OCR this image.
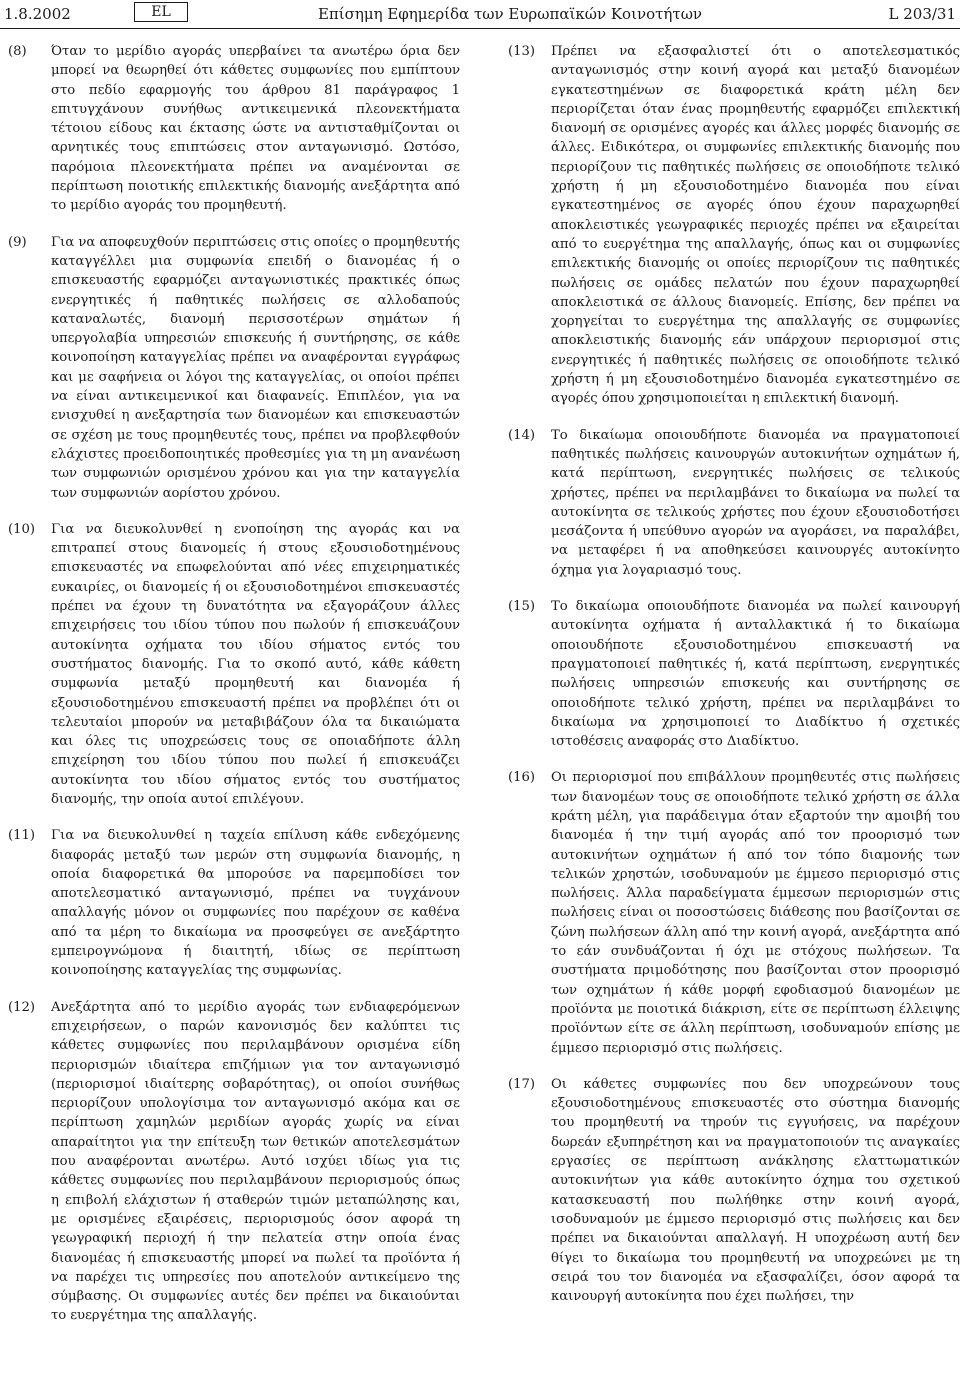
1.8.2002	EL	Επίσημη Εφημερίδα των Ευρωπαϊκών Κοινοτήτων	L 203/31
(8) Όταν το μερίδιο αγοράς υπερβαίνει τα ανωτέρω όρια δεν μπορεί να θεωρηθεί ότι κάθετες συμφωνίες που εμπίπτουν στο πεδίο εφαρμογής του άρθρου 81 παράγραφος 1 επιτυγχάνουν συνήθως αντικειμενικά πλεονεκτήματα τέτοιου είδους και έκτασης ώστε να αντισταθμίζονται οι αρνητικές τους επιπτώσεις στον ανταγωνισμό. Ωστόσο, παρόμοια πλεονεκτήματα πρέπει να αναμένονται σε περίπτωση ποιοτικής επιλεκτικής διανομής ανεξάρτητα από το μερίδιο αγοράς του προμηθευτή.
(9) Για να αποφευχθούν περιπτώσεις στις οποίες ο προμηθευτής καταγγέλλει μια συμφωνία επειδή ο διανομέας ή ο επισκευαστής εφαρμόζει ανταγωνιστικές πρακτικές όπως ενεργητικές ή παθητικές πωλήσεις σε αλλοδαπούς καταναλωτές, διανομή περισσοτέρων σημάτων ή υπεργολαβία υπηρεσιών επισκευής ή συντήρησης, σε κάθε κοινοποίηση καταγγελίας πρέπει να αναφέρονται εγγράφως και με σαφήνεια οι λόγοι της καταγγελίας, οι οποίοι πρέπει να είναι αντικειμενικοί και διαφανείς. Επιπλέον, για να ενισχυθεί η ανεξαρτησία των διανομέων και επισκευαστών σε σχέση με τους προμηθευτές τους, πρέπει να προβλεφθούν ελάχιστες προειδοποιητικές προθεσμίες για τη μη ανανέωση των συμφωνιών ορισμένου χρόνου και για την καταγγελία των συμφωνιών αορίστου χρόνου.
(10) Για να διευκολυνθεί η ενοποίηση της αγοράς και να επιτραπεί στους διανομείς ή στους εξουσιοδοτημένους επισκευαστές να επωφελούνται από νέες επιχειρηματικές ευκαιρίες, οι διανομείς ή οι εξουσιοδοτημένοι επισκευαστές πρέπει να έχουν τη δυνατότητα να εξαγοράζουν άλλες επιχειρήσεις του ιδίου τύπου που πωλούν ή επισκευάζουν αυτοκίνητα οχήματα του ιδίου σήματος εντός του συστήματος διανομής. Για το σκοπό αυτό, κάθε κάθετη συμφωνία μεταξύ προμηθευτή και διανομέα ή εξουσιοδοτημένου επισκευαστή πρέπει να προβλέπει ότι οι τελευταίοι μπορούν να μεταβιβάζουν όλα τα δικαιώματα και όλες τις υποχρεώσεις τους σε οποιαδήποτε άλλη επιχείρηση του ιδίου τύπου που πωλεί ή επισκευάζει αυτοκίνητα του ιδίου σήματος εντός του συστήματος διανομής, την οποία αυτοί επιλέγουν.
(11) Για να διευκολυνθεί η ταχεία επίλυση κάθε ενδεχόμενης διαφοράς μεταξύ των μερών στη συμφωνία διανομής, η οποία διαφορετικά θα μπορούσε να παρεμποδίσει τον αποτελεσματικό ανταγωνισμό, πρέπει να τυγχάνουν απαλλαγής μόνον οι συμφωνίες που παρέχουν σε καθένα από τα μέρη το δικαίωμα να προσφεύγει σε ανεξάρτητο εμπειρογνώμονα ή διαιτητή, ιδίως σε περίπτωση κοινοποίησης καταγγελίας της συμφωνίας.
(12) Ανεξάρτητα από το μερίδιο αγοράς των ενδιαφερόμενων επιχειρήσεων, ο παρών κανονισμός δεν καλύπτει τις κάθετες συμφωνίες που περιλαμβάνουν ορισμένα είδη περιορισμών ιδιαίτερα επιζήμιων για τον ανταγωνισμό (περιορισμοί ιδιαίτερης σοβαρότητας), οι οποίοι συνήθως περιορίζουν υπολογίσιμα τον ανταγωνισμό ακόμα και σε περίπτωση χαμηλών μεριδίων αγοράς χωρίς να είναι απαραίτητοι για την επίτευξη των θετικών αποτελεσμάτων που αναφέρονται ανωτέρω. Αυτό ισχύει ιδίως για τις κάθετες συμφωνίες που περιλαμβάνουν περιορισμούς όπως η επιβολή ελάχιστων ή σταθερών τιμών μεταπώλησης και, με ορισμένες εξαιρέσεις, περιορισμούς όσον αφορά τη γεωγραφική περιοχή ή την πελατεία στην οποία ένας διανομέας ή επισκευαστής μπορεί να πωλεί τα προϊόντα ή να παρέχει τις υπηρεσίες που αποτελούν αντικείμενο της σύμβασης. Οι συμφωνίες αυτές δεν πρέπει να δικαιούνται το ευεργέτημα της απαλλαγής.
(13) Πρέπει να εξασφαλιστεί ότι ο αποτελεσματικός ανταγωνισμός στην κοινή αγορά και μεταξύ διανομέων εγκατεστημένων σε διαφορετικά κράτη μέλη δεν περιορίζεται όταν ένας προμηθευτής εφαρμόζει επιλεκτική διανομή σε ορισμένες αγορές και άλλες μορφές διανομής σε άλλες. Ειδικότερα, οι συμφωνίες επιλεκτικής διανομής που περιορίζουν τις παθητικές πωλήσεις σε οποιοδήποτε τελικό χρήστη ή μη εξουσιοδοτημένο διανομέα που είναι εγκατεστημένος σε αγορές όπου έχουν παραχωρηθεί αποκλειστικές γεωγραφικές περιοχές πρέπει να εξαιρείται από το ευεργέτημα της απαλλαγής, όπως και οι συμφωνίες επιλεκτικής διανομής οι οποίες περιορίζουν τις παθητικές πωλήσεις σε ομάδες πελατών που έχουν παραχωρηθεί αποκλειστικά σε άλλους διανομείς. Επίσης, δεν πρέπει να χορηγείται το ευεργέτημα της απαλλαγής σε συμφωνίες αποκλειστικής διανομής εάν υπάρχουν περιορισμοί στις ενεργητικές ή παθητικές πωλήσεις σε οποιοδήποτε τελικό χρήστη ή μη εξουσιοδοτημένο διανομέα εγκατεστημένο σε αγορές όπου χρησιμοποιείται η επιλεκτική διανομή.
(14) Το δικαίωμα οποιουδήποτε διανομέα να πραγματοποιεί παθητικές πωλήσεις καινουργών αυτοκινήτων οχημάτων ή, κατά περίπτωση, ενεργητικές πωλήσεις σε τελικούς χρήστες, πρέπει να περιλαμβάνει το δικαίωμα να πωλεί τα αυτοκίνητα σε τελικούς χρήστες που έχουν εξουσιοδοτήσει μεσάζοντα ή υπεύθυνο αγορών να αγοράσει, να παραλάβει, να μεταφέρει ή να αποθηκεύσει καινουργές αυτοκίνητο όχημα για λογαριασμό τους.
(15) Το δικαίωμα οποιουδήποτε διανομέα να πωλεί καινουργή αυτοκίνητα οχήματα ή ανταλλακτικά ή το δικαίωμα οποιουδήποτε εξουσιοδοτημένου επισκευαστή να πραγματοποιεί παθητικές ή, κατά περίπτωση, ενεργητικές πωλήσεις υπηρεσιών επισκευής και συντήρησης σε οποιοδήποτε τελικό χρήστη, πρέπει να περιλαμβάνει το δικαίωμα να χρησιμοποιεί το Διαδίκτυο ή σχετικές ιστοθέσεις αναφοράς στο Διαδίκτυο.
(16) Οι περιορισμοί που επιβάλλουν προμηθευτές στις πωλήσεις των διανομέων τους σε οποιοδήποτε τελικό χρήστη σε άλλα κράτη μέλη, για παράδειγμα όταν εξαρτούν την αμοιβή του διανομέα ή την τιμή αγοράς από τον προορισμό των αυτοκινήτων οχημάτων ή από τον τόπο διαμονής των τελικών χρηστών, ισοδυναμούν με έμμεσο περιορισμό στις πωλήσεις. Άλλα παραδείγματα έμμεσων περιορισμών στις πωλήσεις είναι οι ποσοστώσεις διάθεσης που βασίζονται σε ζώνη πωλήσεων άλλη από την κοινή αγορά, ανεξάρτητα από το εάν συνδυάζονται ή όχι με στόχους πωλήσεων. Τα συστήματα πριμοδότησης που βασίζονται στον προορισμό των οχημάτων ή κάθε μορφή εφοδιασμού διανομέων με προϊόντα με ποιοτικά διάκριση, είτε σε περίπτωση έλλειψης προϊόντων είτε σε άλλη περίπτωση, ισοδυναμούν επίσης με έμμεσο περιορισμό στις πωλήσεις.
(17) Οι κάθετες συμφωνίες που δεν υποχρεώνουν τους εξουσιοδοτημένους επισκευαστές στο σύστημα διανομής του προμηθευτή να τηρούν τις εγγυήσεις, να παρέχουν δωρεάν εξυπηρέτηση και να πραγματοποιούν τις αναγκαίες εργασίες σε περίπτωση ανάκλησης ελαττωματικών αυτοκινήτων για κάθε αυτοκίνητο όχημα του σχετικού κατασκευαστή που πωλήθηκε στην κοινή αγορά, ισοδυναμούν με έμμεσο περιορισμό στις πωλήσεις και δεν πρέπει να δικαιούνται απαλλαγή. Η υποχρέωση αυτή δεν θίγει το δικαίωμα του προμηθευτή να υποχρεώνει με τη σειρά του τον διανομέα να εξασφαλίζει, όσον αφορά τα καινουργή αυτοκίνητα που έχει πωλήσει, την
